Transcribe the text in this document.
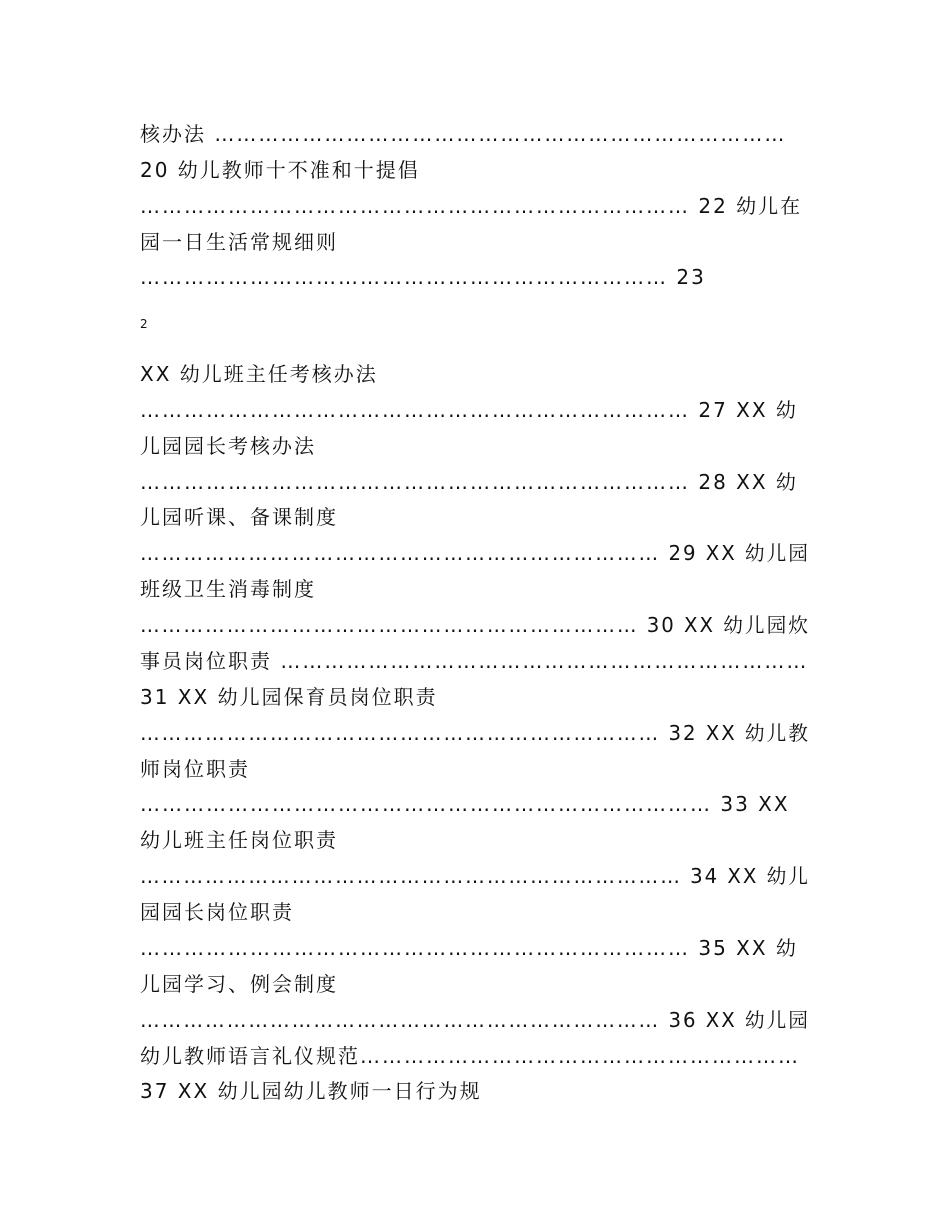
核办法 ……………………………………………………………………
20 幼儿教师十不准和十提倡
………………………………………………………………… 22 幼儿在
园一日生活常规细则
……………………………………………………………… 23
2
XX 幼儿班主任考核办法
………………………………………………………………… 27 XX 幼
儿园园长考核办法
………………………………………………………………… 28 XX 幼
儿园听课、备课制度
……………………………………………………………… 29 XX 幼儿园
班级卫生消毒制度
…………………………………………………………… 30 XX 幼儿园炊
事员岗位职责 ………………………………………………………………
31 XX 幼儿园保育员岗位职责
……………………………………………………………… 32 XX 幼儿教
师岗位职责
…………………………………………………………………… 33 XX
幼儿班主任岗位职责
………………………………………………………………… 34 XX 幼儿
园园长岗位职责
………………………………………………………………… 35 XX 幼
儿园学习、例会制度
……………………………………………………………… 36 XX 幼儿园
幼儿教师语言礼仪规范……………………………………………………
37 XX 幼儿园幼儿教师一日行为规
